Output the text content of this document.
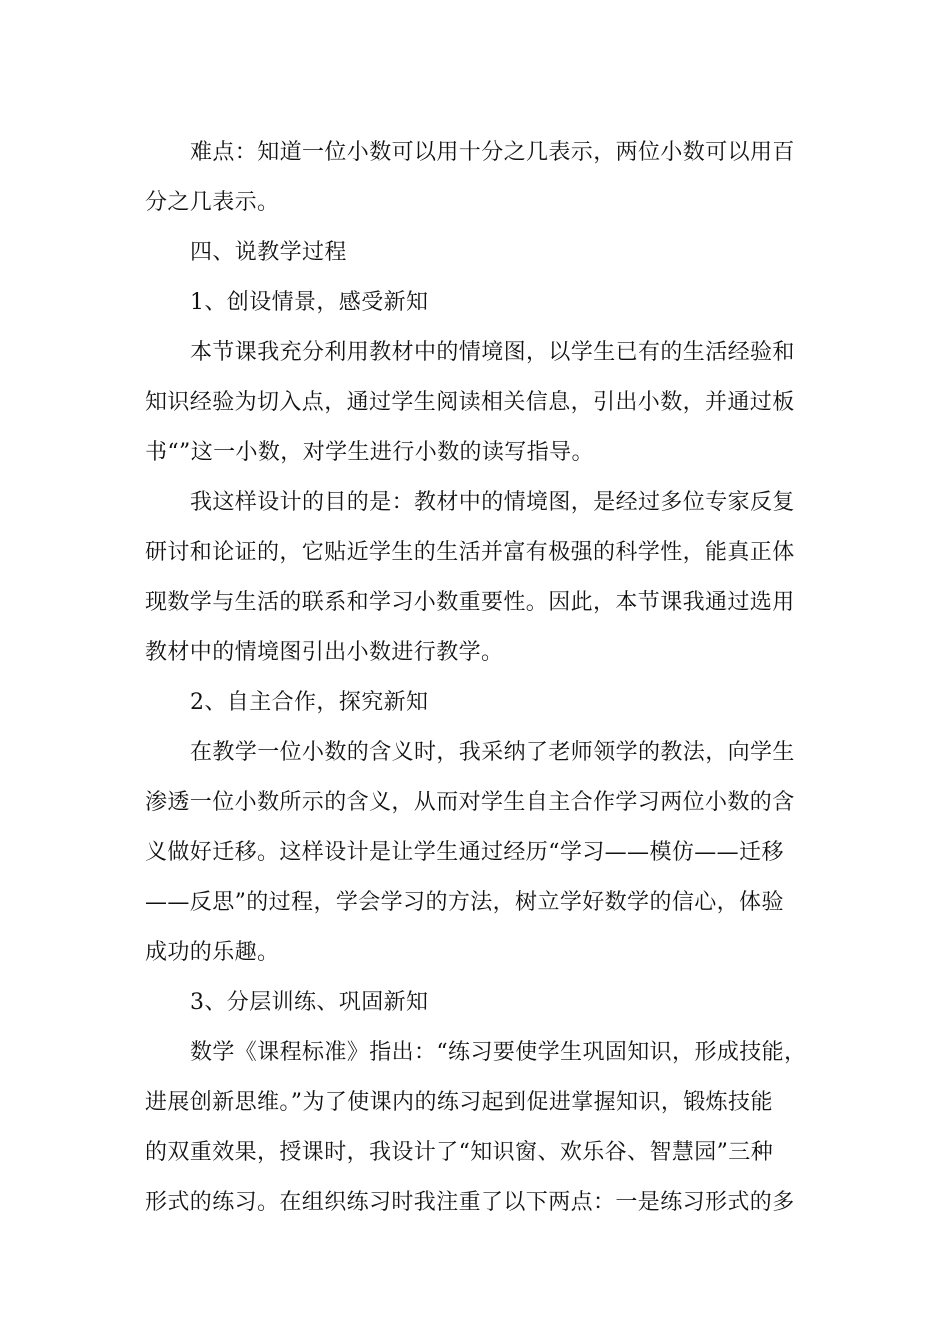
难点：知道一位小数可以用十分之几表示，两位小数可以用百
分之几表示。
四、说教学过程
1、创设情景，感受新知
本节课我充分利用教材中的情境图，以学生已有的生活经验和
知识经验为切入点，通过学生阅读相关信息，引出小数，并通过板
书“”这一小数，对学生进行小数的读写指导。
我这样设计的目的是：教材中的情境图，是经过多位专家反复
研讨和论证的，它贴近学生的生活并富有极强的科学性，能真正体
现数学与生活的联系和学习小数重要性。因此，本节课我通过选用
教材中的情境图引出小数进行教学。
2、自主合作，探究新知
在教学一位小数的含义时，我采纳了老师领学的教法，向学生
渗透一位小数所示的含义，从而对学生自主合作学习两位小数的含
义做好迁移。这样设计是让学生通过经历“学习——模仿——迁移
——反思”的过程，学会学习的方法，树立学好数学的信心，体验
成功的乐趣。
3、分层训练、巩固新知
数学《课程标准》指出：“练习要使学生巩固知识，形成技能，
进展创新思维。”为了使课内的练习起到促进掌握知识，锻炼技能
的双重效果，授课时，我设计了“知识窗、欢乐谷、智慧园”三种
形式的练习。在组织练习时我注重了以下两点：一是练习形式的多
